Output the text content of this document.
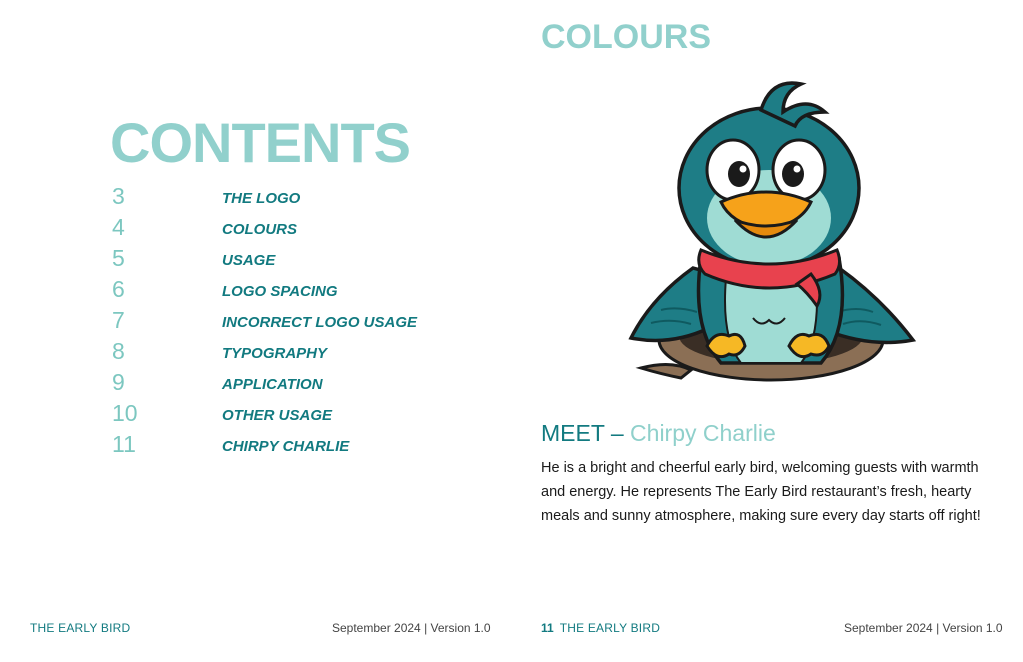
CONTENTS
3	THE LOGO
4	COLOURS
5	USAGE
6	LOGO SPACING
7	INCORRECT LOGO USAGE
8	TYPOGRAPHY
9	APPLICATION
10	OTHER USAGE
11	CHIRPY CHARLIE
THE EARLY BIRD	September 2024 | Version 1.0
COLOURS
MEET – Chirpy Charlie

He is a bright and cheerful early bird, welcoming guests with warmth and energy. He represents The Early Bird restaurant’s fresh, hearty meals and sunny atmosphere, making sure every day starts off right!

11 THE EARLY BIRD	September 2024 | Version 1.0
